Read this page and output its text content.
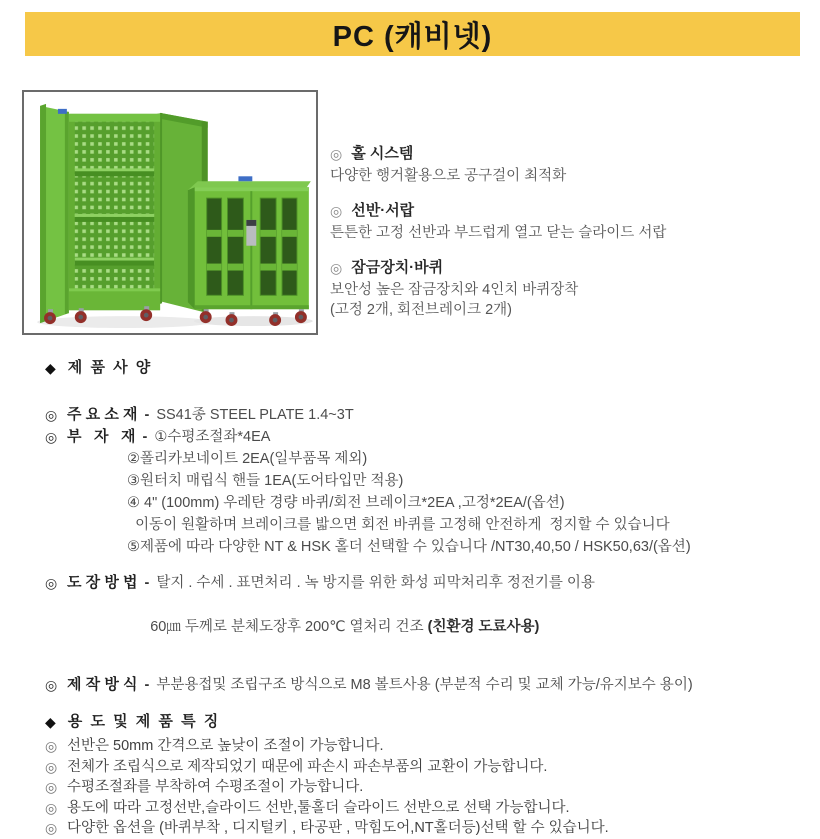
PC (캐비넷)
◎ 홀 시스템
다양한 행거활용으로 공구걸이 최적화
◎ 선반·서랍
튼튼한 고정 선반과 부드럽게 열고 닫는 슬라이드 서랍
◎ 잠금장치·바퀴
보안성 높은 잠금장치와 4인치 바퀴장착
(고정 2개, 회전브레이크 2개)
◆ 제 품 사 양
◎ 주 요 소 재 - SS41종 STEEL PLATE 1.4~3T
◎ 부   자   재 - ①수평조절좌*4EA
②폴리카보네이트 2EA(일부품목 제외)
③원터치 매립식 핸들 1EA(도어타입만 적용)
④ 4" (100mm) 우레탄 경량 바퀴/회전 브레이크*2EA ,고정*2EA/(옵션)
이동이 원활하며 브레이크를 밟으면 회전 바퀴를 고정해 안전하게  정지할 수 있습니다
⑤제품에 따라 다양한 NT & HSK 홀더 선택할 수 있습니다 /NT30,40,50 / HSK50,63/(옵션)
◎ 도 장 방 법 - 탈지 . 수세 . 표면처리 . 녹 방지를 위한 화성 피막처리후 정전기를 이용

60㎛ 두께로 분체도장후 200℃ 열처리 건조 (친환경 도료사용)

◎ 제 작 방 식 - 부분용접및 조립구조 방식으로 M8 볼트사용 (부분적 수리 및 교체 가능/유지보수 용이)
◆ 용 도 및 제 품 특 징
◎ 선반은 50mm 간격으로 높낮이 조절이 가능합니다.
◎ 전체가 조립식으로 제작되었기 때문에 파손시 파손부품의 교환이 가능합니다.
◎ 수평조절좌를 부착하여 수평조절이 가능합니다.
◎ 용도에 따라 고정선반,슬라이드 선반,툴홀더 슬라이드 선반으로 선택 가능합니다.
◎ 다양한 옵션을 (바퀴부착 , 디지털키 , 타공판 , 막힘도어,NT홀더등)선택 할 수 있습니다.
